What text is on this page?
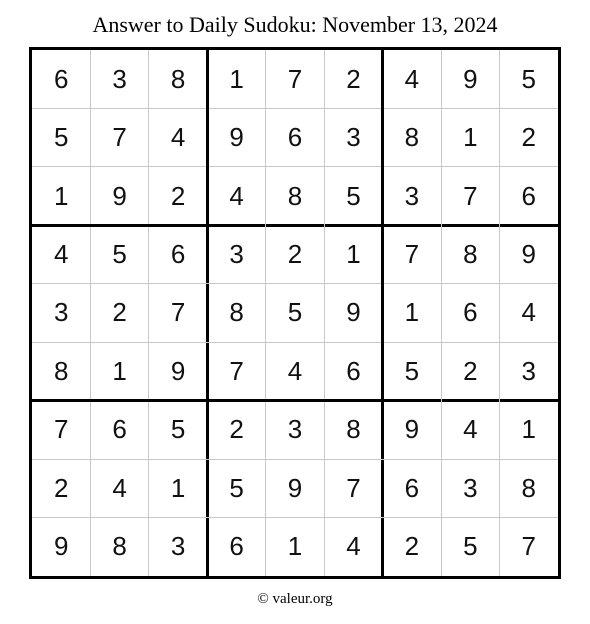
Answer to Daily Sudoku: November 13, 2024
6	3	8	1	7	2	4	9	5
5	7	4	9	6	3	8	1	2
1	9	2	4	8	5	3	7	6
4	5	6	3	2	1	7	8	9
3	2	7	8	5	9	1	6	4
8	1	9	7	4	6	5	2	3
7	6	5	2	3	8	9	4	1
2	4	1	5	9	7	6	3	8
9	8	3	6	1	4	2	5	7
© valeur.org
